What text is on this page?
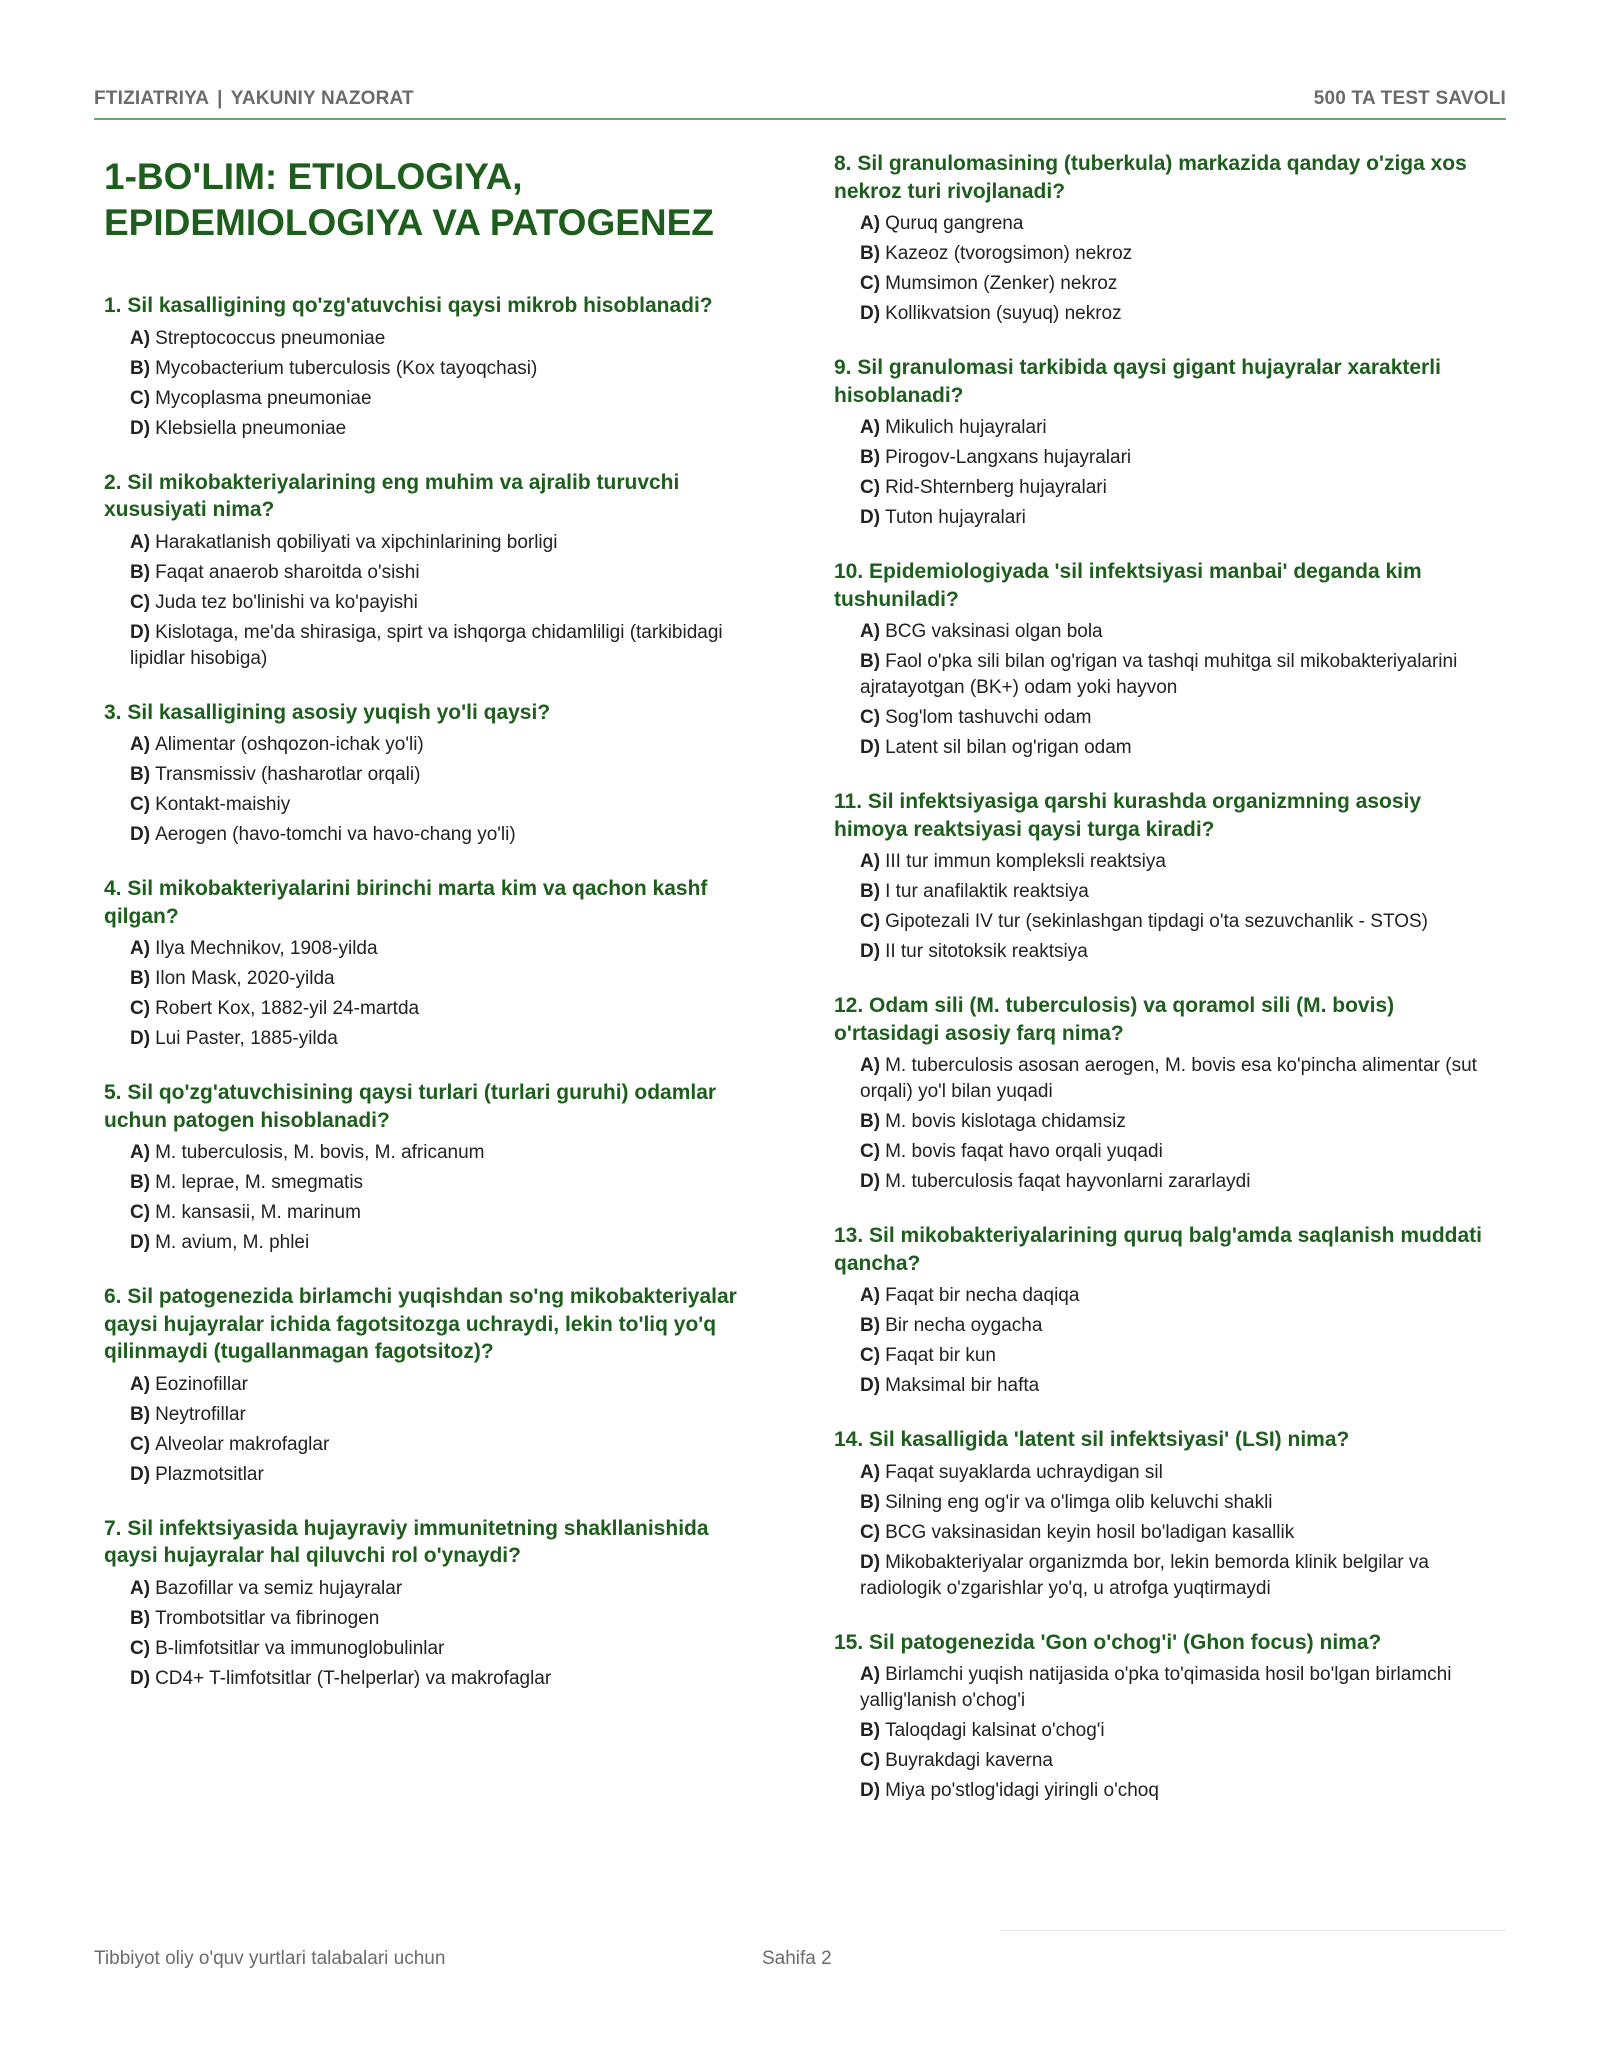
FTIZIATRIYA | YAKUNIY NAZORAT	500 TA TEST SAVOLI
1-BO'LIM: ETIOLOGIYA, EPIDEMIOLOGIYA VA PATOGENEZ
1. Sil kasalligining qo'zg'atuvchisi qaysi mikrob hisoblanadi?
A) Streptococcus pneumoniae
B) Mycobacterium tuberculosis (Kox tayoqchasi)
C) Mycoplasma pneumoniae
D) Klebsiella pneumoniae
2. Sil mikobakteriyalarining eng muhim va ajralib turuvchi xususiyati nima?
A) Harakatlanish qobiliyati va xipchinlarining borligi
B) Faqat anaerob sharoitda o'sishi
C) Juda tez bo'linishi va ko'payishi
D) Kislotaga, me'da shirasiga, spirt va ishqorga chidamliligi (tarkibidagi lipidlar hisobiga)
3. Sil kasalligining asosiy yuqish yo'li qaysi?
A) Alimentar (oshqozon-ichak yo'li)
B) Transmissiv (hasharotlar orqali)
C) Kontakt-maishiy
D) Aerogen (havo-tomchi va havo-chang yo'li)
4. Sil mikobakteriyalarini birinchi marta kim va qachon kashf qilgan?
A) Ilya Mechnikov, 1908-yilda
B) Ilon Mask, 2020-yilda
C) Robert Kox, 1882-yil 24-martda
D) Lui Paster, 1885-yilda
5. Sil qo'zg'atuvchisining qaysi turlari (turlari guruhi) odamlar uchun patogen hisoblanadi?
A) M. tuberculosis, M. bovis, M. africanum
B) M. leprae, M. smegmatis
C) M. kansasii, M. marinum
D) M. avium, M. phlei
6. Sil patogenezida birlamchi yuqishdan so'ng mikobakteriyalar qaysi hujayralar ichida fagotsitozga uchraydi, lekin to'liq yo'q qilinmaydi (tugallanmagan fagotsitoz)?
A) Eozinofillar
B) Neytrofillar
C) Alveolar makrofaglar
D) Plazmotsitlar
7. Sil infektsiyasida hujayraviy immunitetning shakllanishida qaysi hujayralar hal qiluvchi rol o'ynaydi?
A) Bazofillar va semiz hujayralar
B) Trombotsitlar va fibrinogen
C) B-limfotsitlar va immunoglobulinlar
D) CD4+ T-limfotsitlar (T-helperlar) va makrofaglar
8. Sil granulomasining (tuberkula) markazida qanday o'ziga xos nekroz turi rivojlanadi?
A) Quruq gangrena
B) Kazeoz (tvorogsimon) nekroz
C) Mumsimon (Zenker) nekroz
D) Kollikvatsion (suyuq) nekroz
9. Sil granulomasi tarkibida qaysi gigant hujayralar xarakterli hisoblanadi?
A) Mikulich hujayralari
B) Pirogov-Langxans hujayralari
C) Rid-Shternberg hujayralari
D) Tuton hujayralari
10. Epidemiologiyada 'sil infektsiyasi manbai' deganda kim tushuniladi?
A) BCG vaksinasi olgan bola
B) Faol o'pka sili bilan og'rigan va tashqi muhitga sil mikobakteriyalarini ajratayotgan (BK+) odam yoki hayvon
C) Sog'lom tashuvchi odam
D) Latent sil bilan og'rigan odam
11. Sil infektsiyasiga qarshi kurashda organizmning asosiy himoya reaktsiyasi qaysi turga kiradi?
A) III tur immun kompleksli reaktsiya
B) I tur anafilaktik reaktsiya
C) Gipotezali IV tur (sekinlashgan tipdagi o'ta sezuvchanlik - STOS)
D) II tur sitotoksik reaktsiya
12. Odam sili (M. tuberculosis) va qoramol sili (M. bovis) o'rtasidagi asosiy farq nima?
A) M. tuberculosis asosan aerogen, M. bovis esa ko'pincha alimentar (sut orqali) yo'l bilan yuqadi
B) M. bovis kislotaga chidamsiz
C) M. bovis faqat havo orqali yuqadi
D) M. tuberculosis faqat hayvonlarni zararlaydi
13. Sil mikobakteriyalarining quruq balg'amda saqlanish muddati qancha?
A) Faqat bir necha daqiqa
B) Bir necha oygacha
C) Faqat bir kun
D) Maksimal bir hafta
14. Sil kasalligida 'latent sil infektsiyasi' (LSI) nima?
A) Faqat suyaklarda uchraydigan sil
B) Silning eng og'ir va o'limga olib keluvchi shakli
C) BCG vaksinasidan keyin hosil bo'ladigan kasallik
D) Mikobakteriyalar organizmda bor, lekin bemorda klinik belgilar va radiologik o'zgarishlar yo'q, u atrofga yuqtirmaydi
15. Sil patogenezida 'Gon o'chog'i' (Ghon focus) nima?
A) Birlamchi yuqish natijasida o'pka to'qimasida hosil bo'lgan birlamchi yallig'lanish o'chog'i
B) Taloqdagi kalsinat o'chog'i
C) Buyrakdagi kaverna
D) Miya po'stlog'idagi yiringli o'choq
Tibbiyot oliy o'quv yurtlari talabalari uchun	Sahifa 2
